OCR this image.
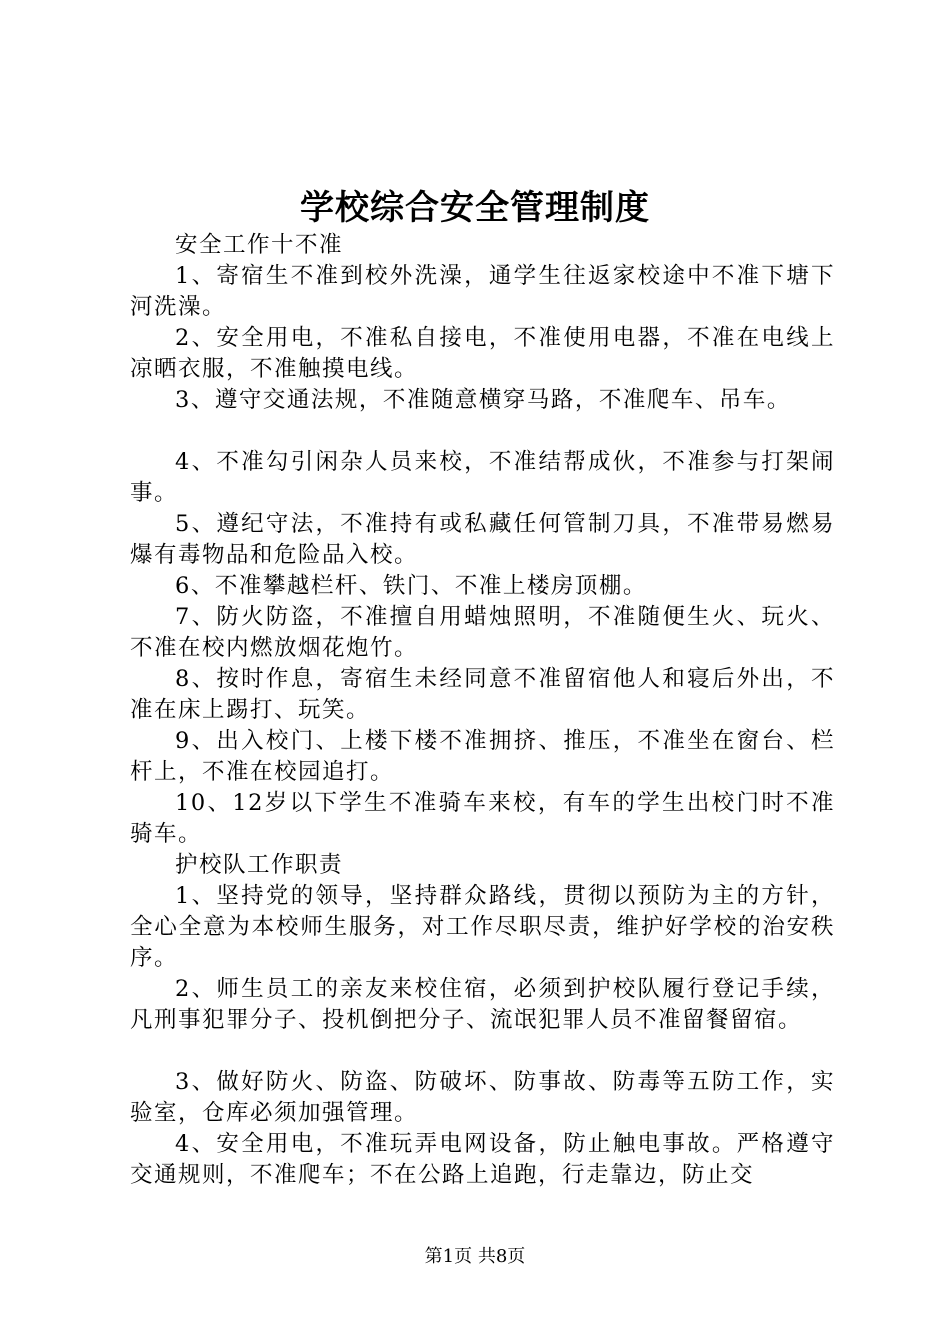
学校综合安全管理制度

安全工作十不准

1、寄宿生不准到校外洗澡，通学生往返家校途中不准下塘下河洗澡。

2、安全用电，不准私自接电，不准使用电器，不准在电线上凉晒衣服，不准触摸电线。

3、遵守交通法规，不准随意横穿马路，不准爬车、吊车。

4、不准勾引闲杂人员来校，不准结帮成伙，不准参与打架闹事。

5、遵纪守法，不准持有或私藏任何管制刀具，不准带易燃易爆有毒物品和危险品入校。

6、不准攀越栏杆、铁门、不准上楼房顶棚。

7、防火防盗，不准擅自用蜡烛照明，不准随便生火、玩火、不准在校内燃放烟花炮竹。

8、按时作息，寄宿生未经同意不准留宿他人和寝后外出，不准在床上踢打、玩笑。

9、出入校门、上楼下楼不准拥挤、推压，不准坐在窗台、栏杆上，不准在校园追打。

10、12岁以下学生不准骑车来校，有车的学生出校门时不准骑车。

护校队工作职责

1、坚持党的领导，坚持群众路线，贯彻以预防为主的方针，全心全意为本校师生服务，对工作尽职尽责，维护好学校的治安秩序。

2、师生员工的亲友来校住宿，必须到护校队履行登记手续，凡刑事犯罪分子、投机倒把分子、流氓犯罪人员不准留餐留宿。

3、做好防火、防盗、防破坏、防事故、防毒等五防工作，实验室，仓库必须加强管理。

4、安全用电，不准玩弄电网设备，防止触电事故。严格遵守交通规则，不准爬车；不在公路上追跑，行走靠边，防止交

第1页 共8页
